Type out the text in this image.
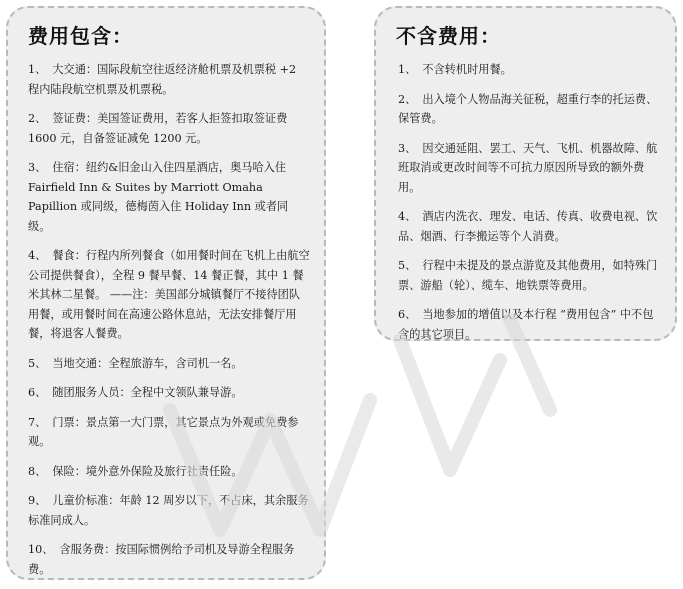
费用包含：
1、 大交通：国际段航空往返经济舱机票及机票税 +2 程内陆段航空机票及机票税。
2、 签证费：美国签证费用，若客人拒签扣取签证费 1600 元，自备签证减免 1200 元。
3、 住宿：纽约&旧金山入住四星酒店，奥马哈入住 Fairfield Inn & Suites by Marriott Omaha Papillion 或同级，德梅茵入住 Holiday Inn 或者同级。
4、 餐食：行程内所列餐食（如用餐时间在飞机上由航空公司提供餐食），全程 9 餐早餐、14 餐正餐，其中 1 餐米其林二星餐。 ——注：美国部分城镇餐厅不接待团队用餐，或用餐时间在高速公路休息站，无法安排餐厅用餐，将退客人餐费。
5、 当地交通：全程旅游车，含司机一名。
6、 随团服务人员：全程中文领队兼导游。
7、 门票：景点第一大门票，其它景点为外观或免费参观。
8、 保险：境外意外保险及旅行社责任险。
9、 儿童价标准：年龄 12 周岁以下，不占床，其余服务标准同成人。
10、 含服务费：按国际惯例给予司机及导游全程服务费。
不含费用：
1、 不含转机时用餐。
2、 出入境个人物品海关征税，超重行李的托运费、保管费。
3、 因交通延阻、罢工、天气、飞机、机器故障、航班取消或更改时间等不可抗力原因所导致的额外费用。
4、 酒店内洗衣、理发、电话、传真、收费电视、饮品、烟酒、行李搬运等个人消费。
5、 行程中未提及的景点游览及其他费用，如特殊门票、游船（轮）、缆车、地铁票等费用。
6、 当地参加的增值以及本行程 “费用包含” 中不包含的其它项目。
